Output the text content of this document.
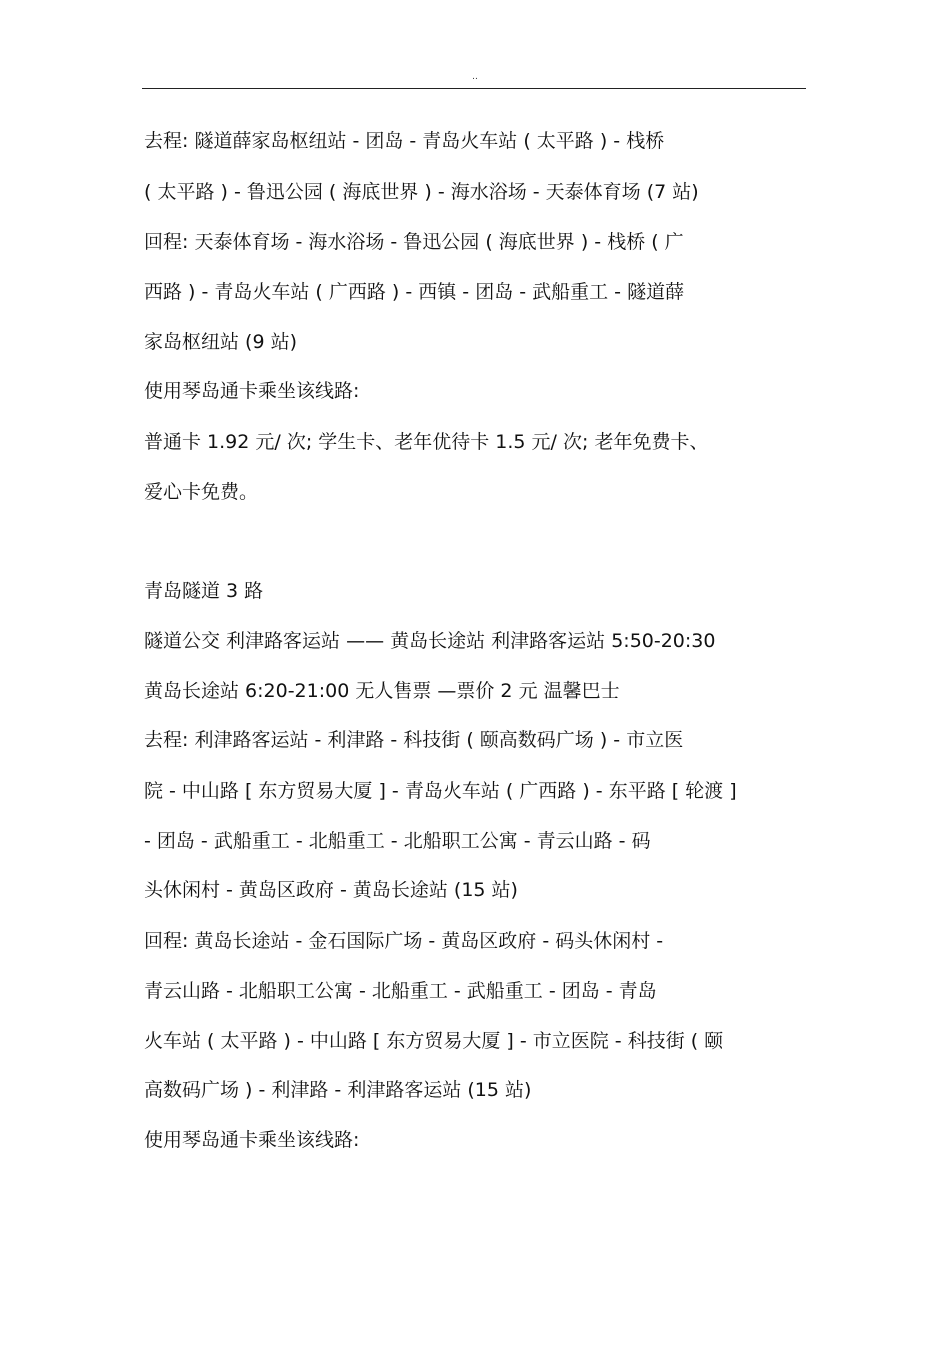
..
去程: 隧道薛家岛枢纽站 - 团岛 - 青岛火车站 ( 太平路 ) - 栈桥
( 太平路 ) - 鲁迅公园 ( 海底世界 ) - 海水浴场 - 天泰体育场 (7 站)
回程: 天泰体育场 - 海水浴场 - 鲁迅公园 ( 海底世界 ) - 栈桥 ( 广
西路 ) - 青岛火车站 ( 广西路 ) - 西镇 - 团岛 - 武船重工 - 隧道薛
家岛枢纽站 (9 站)
使用琴岛通卡乘坐该线路:
普通卡 1.92 元/ 次; 学生卡、老年优待卡 1.5 元/ 次; 老年免费卡、
爱心卡免费。
青岛隧道 3 路
隧道公交 利津路客运站 —— 黄岛长途站 利津路客运站 5:50-20:30
黄岛长途站 6:20-21:00 无人售票 —票价 2 元 温馨巴士
去程: 利津路客运站 - 利津路 - 科技街 ( 颐高数码广场 ) - 市立医
院 - 中山路 [ 东方贸易大厦 ] - 青岛火车站 ( 广西路 ) - 东平路 [ 轮渡 ]
- 团岛 - 武船重工 - 北船重工 - 北船职工公寓 - 青云山路 - 码
头休闲村 - 黄岛区政府 - 黄岛长途站 (15 站)
回程: 黄岛长途站 - 金石国际广场 - 黄岛区政府 - 码头休闲村 -
青云山路 - 北船职工公寓 - 北船重工 - 武船重工 - 团岛 - 青岛
火车站 ( 太平路 ) - 中山路 [ 东方贸易大厦 ] - 市立医院 - 科技街 ( 颐
高数码广场 ) - 利津路 - 利津路客运站 (15 站)
使用琴岛通卡乘坐该线路:
